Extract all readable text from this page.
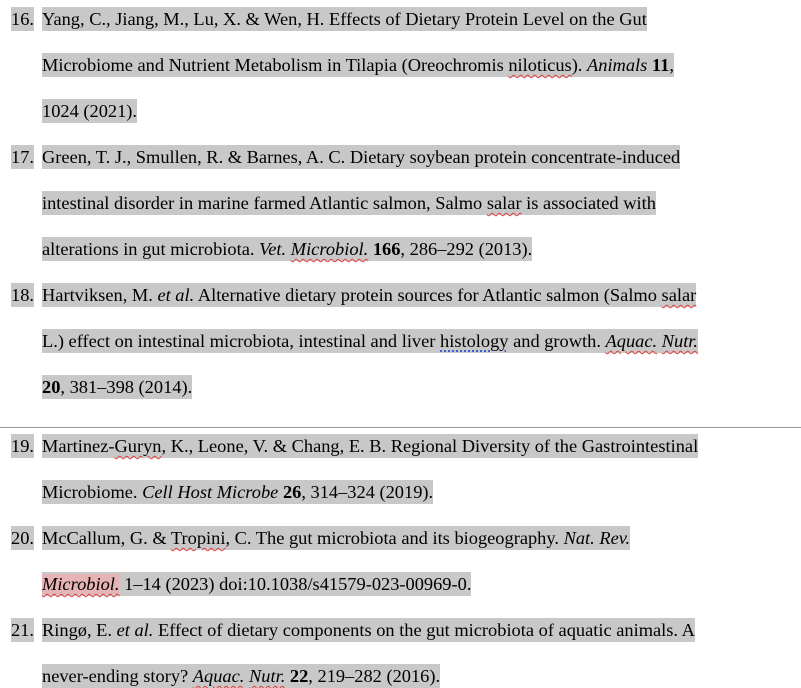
16. Yang, C., Jiang, M., Lu, X. & Wen, H. Effects of Dietary Protein Level on the Gut
Microbiome and Nutrient Metabolism in Tilapia (Oreochromis niloticus). Animals 11,
1024 (2021).
17. Green, T. J., Smullen, R. & Barnes, A. C. Dietary soybean protein concentrate-induced
intestinal disorder in marine farmed Atlantic salmon, Salmo salar is associated with
alterations in gut microbiota. Vet. Microbiol. 166, 286–292 (2013).
18. Hartviksen, M. et al. Alternative dietary protein sources for Atlantic salmon (Salmo salar
L.) effect on intestinal microbiota, intestinal and liver histology and growth. Aquac. Nutr.
20, 381–398 (2014).
19. Martinez-Guryn, K., Leone, V. & Chang, E. B. Regional Diversity of the Gastrointestinal
Microbiome. Cell Host Microbe 26, 314–324 (2019).
20. McCallum, G. & Tropini, C. The gut microbiota and its biogeography. Nat. Rev.
Microbiol. 1–14 (2023) doi:10.1038/s41579-023-00969-0.
21. Ringø, E. et al. Effect of dietary components on the gut microbiota of aquatic animals. A
never-ending story? Aquac. Nutr. 22, 219–282 (2016).
